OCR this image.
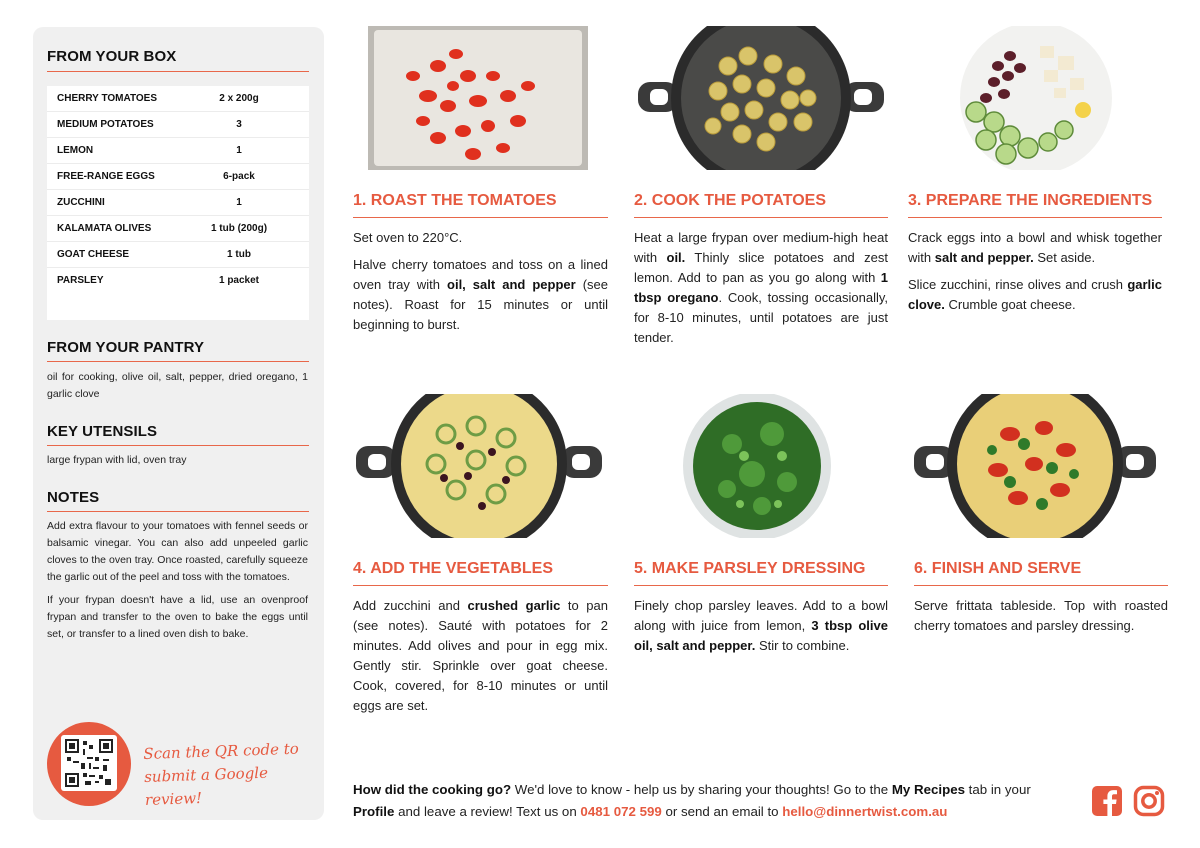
FROM YOUR BOX
CHERRY TOMATOES	2 x 200g
MEDIUM POTATOES	3
LEMON	1
FREE-RANGE EGGS	6-pack
ZUCCHINI	1
KALAMATA OLIVES	1 tub (200g)
GOAT CHEESE	1 tub
PARSLEY	1 packet
FROM YOUR PANTRY
oil for cooking, olive oil, salt, pepper, dried oregano, 1 garlic clove
KEY UTENSILS
large frypan with lid, oven tray
NOTES

Add extra flavour to your tomatoes with fennel seeds or balsamic vinegar. You can also add unpeeled garlic cloves to the oven tray. Once roasted, carefully squeeze the garlic out of the peel and toss with the tomatoes.

If your frypan doesn't have a lid, use an ovenproof frypan and transfer to the oven to bake the eggs until set, or transfer to a lined oven dish to bake.

Scan the QR code to submit a Google review!
1. ROAST THE TOMATOES

Set oven to 220°C.

Halve cherry tomatoes and toss on a lined oven tray with oil, salt and pepper (see notes). Roast for 15 minutes or until beginning to burst.

2. COOK THE POTATOES

Heat a large frypan over medium-high heat with oil. Thinly slice potatoes and zest lemon. Add to pan as you go along with 1 tbsp oregano. Cook, tossing occasionally, for 8-10 minutes, until potatoes are just tender.

3. PREPARE THE INGREDIENTS

Crack eggs into a bowl and whisk together with salt and pepper. Set aside.

Slice zucchini, rinse olives and crush garlic clove. Crumble goat cheese.

4. ADD THE VEGETABLES

Add zucchini and crushed garlic to pan (see notes). Sauté with potatoes for 2 minutes. Add olives and pour in egg mix. Gently stir. Sprinkle over goat cheese. Cook, covered, for 8-10 minutes or until eggs are set.

5. MAKE PARSLEY DRESSING

Finely chop parsley leaves. Add to a bowl along with juice from lemon, 3 tbsp olive oil, salt and pepper. Stir to combine.

6. FINISH AND SERVE

Serve frittata tableside. Top with roasted cherry tomatoes and parsley dressing.

How did the cooking go? We'd love to know - help us by sharing your thoughts! Go to the My Recipes tab in your Profile and leave a review! Text us on 0481 072 599 or send an email to hello@dinnertwist.com.au
